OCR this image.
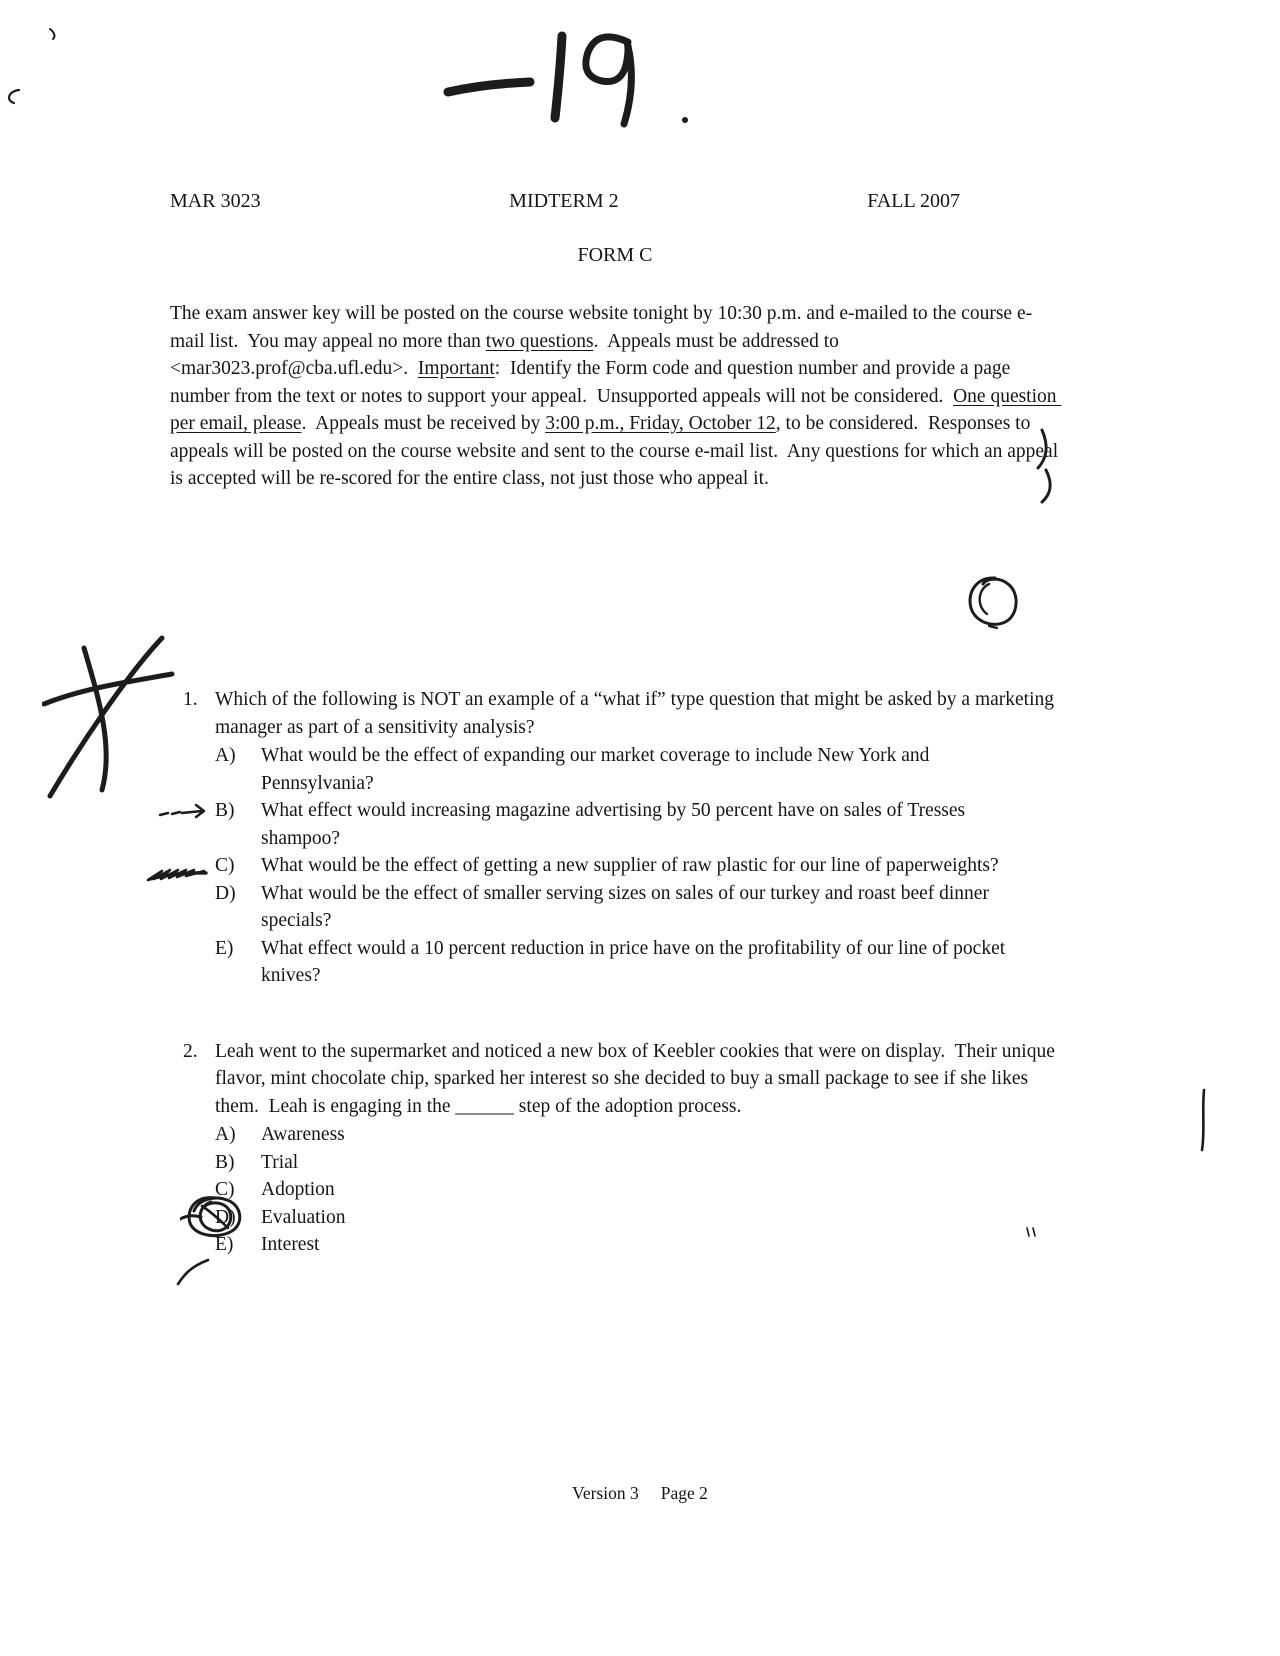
MAR 3023	MIDTERM 2	FALL 2007
FORM C

The exam answer key will be posted on the course website tonight by 10:30 p.m. and e-mailed to the course e-mail list.  You may appeal no more than two questions.  Appeals must be addressed to <mar3023.prof@cba.ufl.edu>.  Important:  Identify the Form code and question number and provide a page number from the text or notes to support your appeal.  Unsupported appeals will not be considered.  One question per email, please.  Appeals must be received by 3:00 p.m., Friday, October 12, to be considered.  Responses to appeals will be posted on the course website and sent to the course e-mail list.  Any questions for which an appeal is accepted will be re-scored for the entire class, not just those who appeal it.

1. Which of the following is NOT an example of a “what if” type question that might be asked by a marketing manager as part of a sensitivity analysis?
A)	What would be the effect of expanding our market coverage to include New York and Pennsylvania?
B)	What effect would increasing magazine advertising by 50 percent have on sales of Tresses shampoo?
C)	What would be the effect of getting a new supplier of raw plastic for our line of paperweights?
D)	What would be the effect of smaller serving sizes on sales of our turkey and roast beef dinner specials?
E)	What effect would a 10 percent reduction in price have on the profitability of our line of pocket knives?
2. Leah went to the supermarket and noticed a new box of Keebler cookies that were on display.  Their unique flavor, mint chocolate chip, sparked her interest so she decided to buy a small package to see if she likes them.  Leah is engaging in the ______ step of the adoption process.
A)	Awareness
B)	Trial
C)	Adoption
D)	Evaluation
E)	Interest
Version 3 Page 2
